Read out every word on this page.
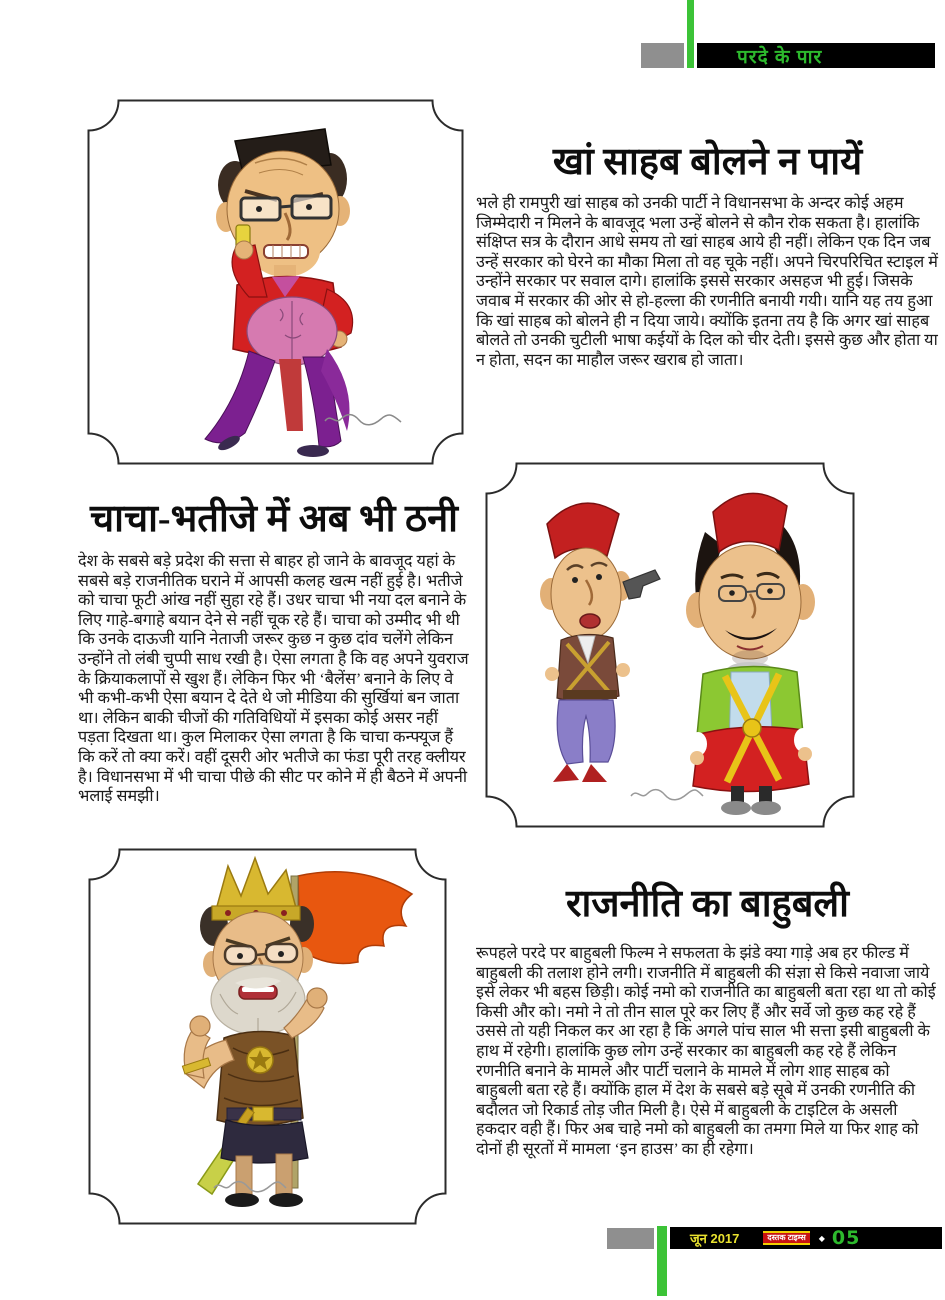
परदे के पार
खां साहब बोलने न पायें
भले ही रामपुरी खां साहब को उनकी पार्टी ने विधानसभा के अन्दर कोई अहम जिम्मेदारी न मिलने के बावजूद भला उन्हें बोलने से कौन रोक सकता है। हालांकि संक्षिप्त सत्र के दौरान आधे समय तो खां साहब आये ही नहीं। लेकिन एक दिन जब उन्हें सरकार को घेरने का मौका मिला तो वह चूके नहीं। अपने चिरपरिचित स्टाइल में उन्होंने सरकार पर सवाल दागे। हालांकि इससे सरकार असहज भी हुई। जिसके जवाब में सरकार की ओर से हो-हल्ला की रणनीति बनायी गयी। यानि यह तय हुआ कि खां साहब को बोलने ही न दिया जाये। क्योंकि इतना तय है कि अगर खां साहब बोलते तो उनकी चुटीली भाषा कईयों के दिल को चीर देती। इससे कुछ और होता या न होता, सदन का माहौल जरूर खराब हो जाता।
चाचा-भतीजे में अब भी ठनी
देश के सबसे बड़े प्रदेश की सत्ता से बाहर हो जाने के बावजूद यहां के सबसे बड़े राजनीतिक घराने में आपसी कलह खत्म नहीं हुई है। भतीजे को चाचा फूटी आंख नहीं सुहा रहे हैं। उधर चाचा भी नया दल बनाने के लिए गाहे-बगाहे बयान देने से नहीं चूक रहे हैं। चाचा को उम्मीद भी थी कि उनके दाऊजी यानि नेताजी जरूर कुछ न कुछ दांव चलेंगे लेकिन उन्होंने तो लंबी चुप्पी साध रखी है। ऐसा लगता है कि वह अपने युवराज के क्रियाकलापों से खुश हैं। लेकिन फिर भी ‘बैलेंस’ बनाने के लिए वे भी कभी-कभी ऐसा बयान दे देते थे जो मीडिया की सुर्खियां बन जाता था। लेकिन बाकी चीजों की गतिविधियों में इसका कोई असर नहीं पड़ता दिखता था। कुल मिलाकर ऐसा लगता है कि चाचा कन्फ्यूज हैं कि करें तो क्या करें। वहीं दूसरी ओर भतीजे का फंडा पूरी तरह क्लीयर है। विधानसभा में भी चाचा पीछे की सीट पर कोने में ही बैठने में अपनी भलाई समझी।
राजनीति का बाहुबली
रूपहले परदे पर बाहुबली फिल्म ने सफलता के झंडे क्या गाड़े अब हर फील्ड में बाहुबली की तलाश होने लगी। राजनीति में बाहुबली की संज्ञा से किसे नवाजा जाये इसे लेकर भी बहस छिड़ी। कोई नमो को राजनीति का बाहुबली बता रहा था तो कोई किसी और को। नमो ने तो तीन साल पूरे कर लिए हैं और सर्वे जो कुछ कह रहे हैं उससे तो यही निकल कर आ रहा है कि अगले पांच साल भी सत्ता इसी बाहुबली के हाथ में रहेगी। हालांकि कुछ लोग उन्हें सरकार का बाहुबली कह रहे हैं लेकिन रणनीति बनाने के मामले और पार्टी चलाने के मामले में लोग शाह साहब को बाहुबली बता रहे हैं। क्योंकि हाल में देश के सबसे बड़े सूबे में उनकी रणनीति की बदौलत जो रिकार्ड तोड़ जीत मिली है। ऐसे में बाहुबली के टाइटिल के असली हकदार वही हैं। फिर अब चाहे नमो को बाहुबली का तमगा मिले या फिर शाह को दोनों ही सूरतों में मामला ‘इन हाउस’ का ही रहेगा।
जून 2017	दस्तक टाइम्स	◆ 05
